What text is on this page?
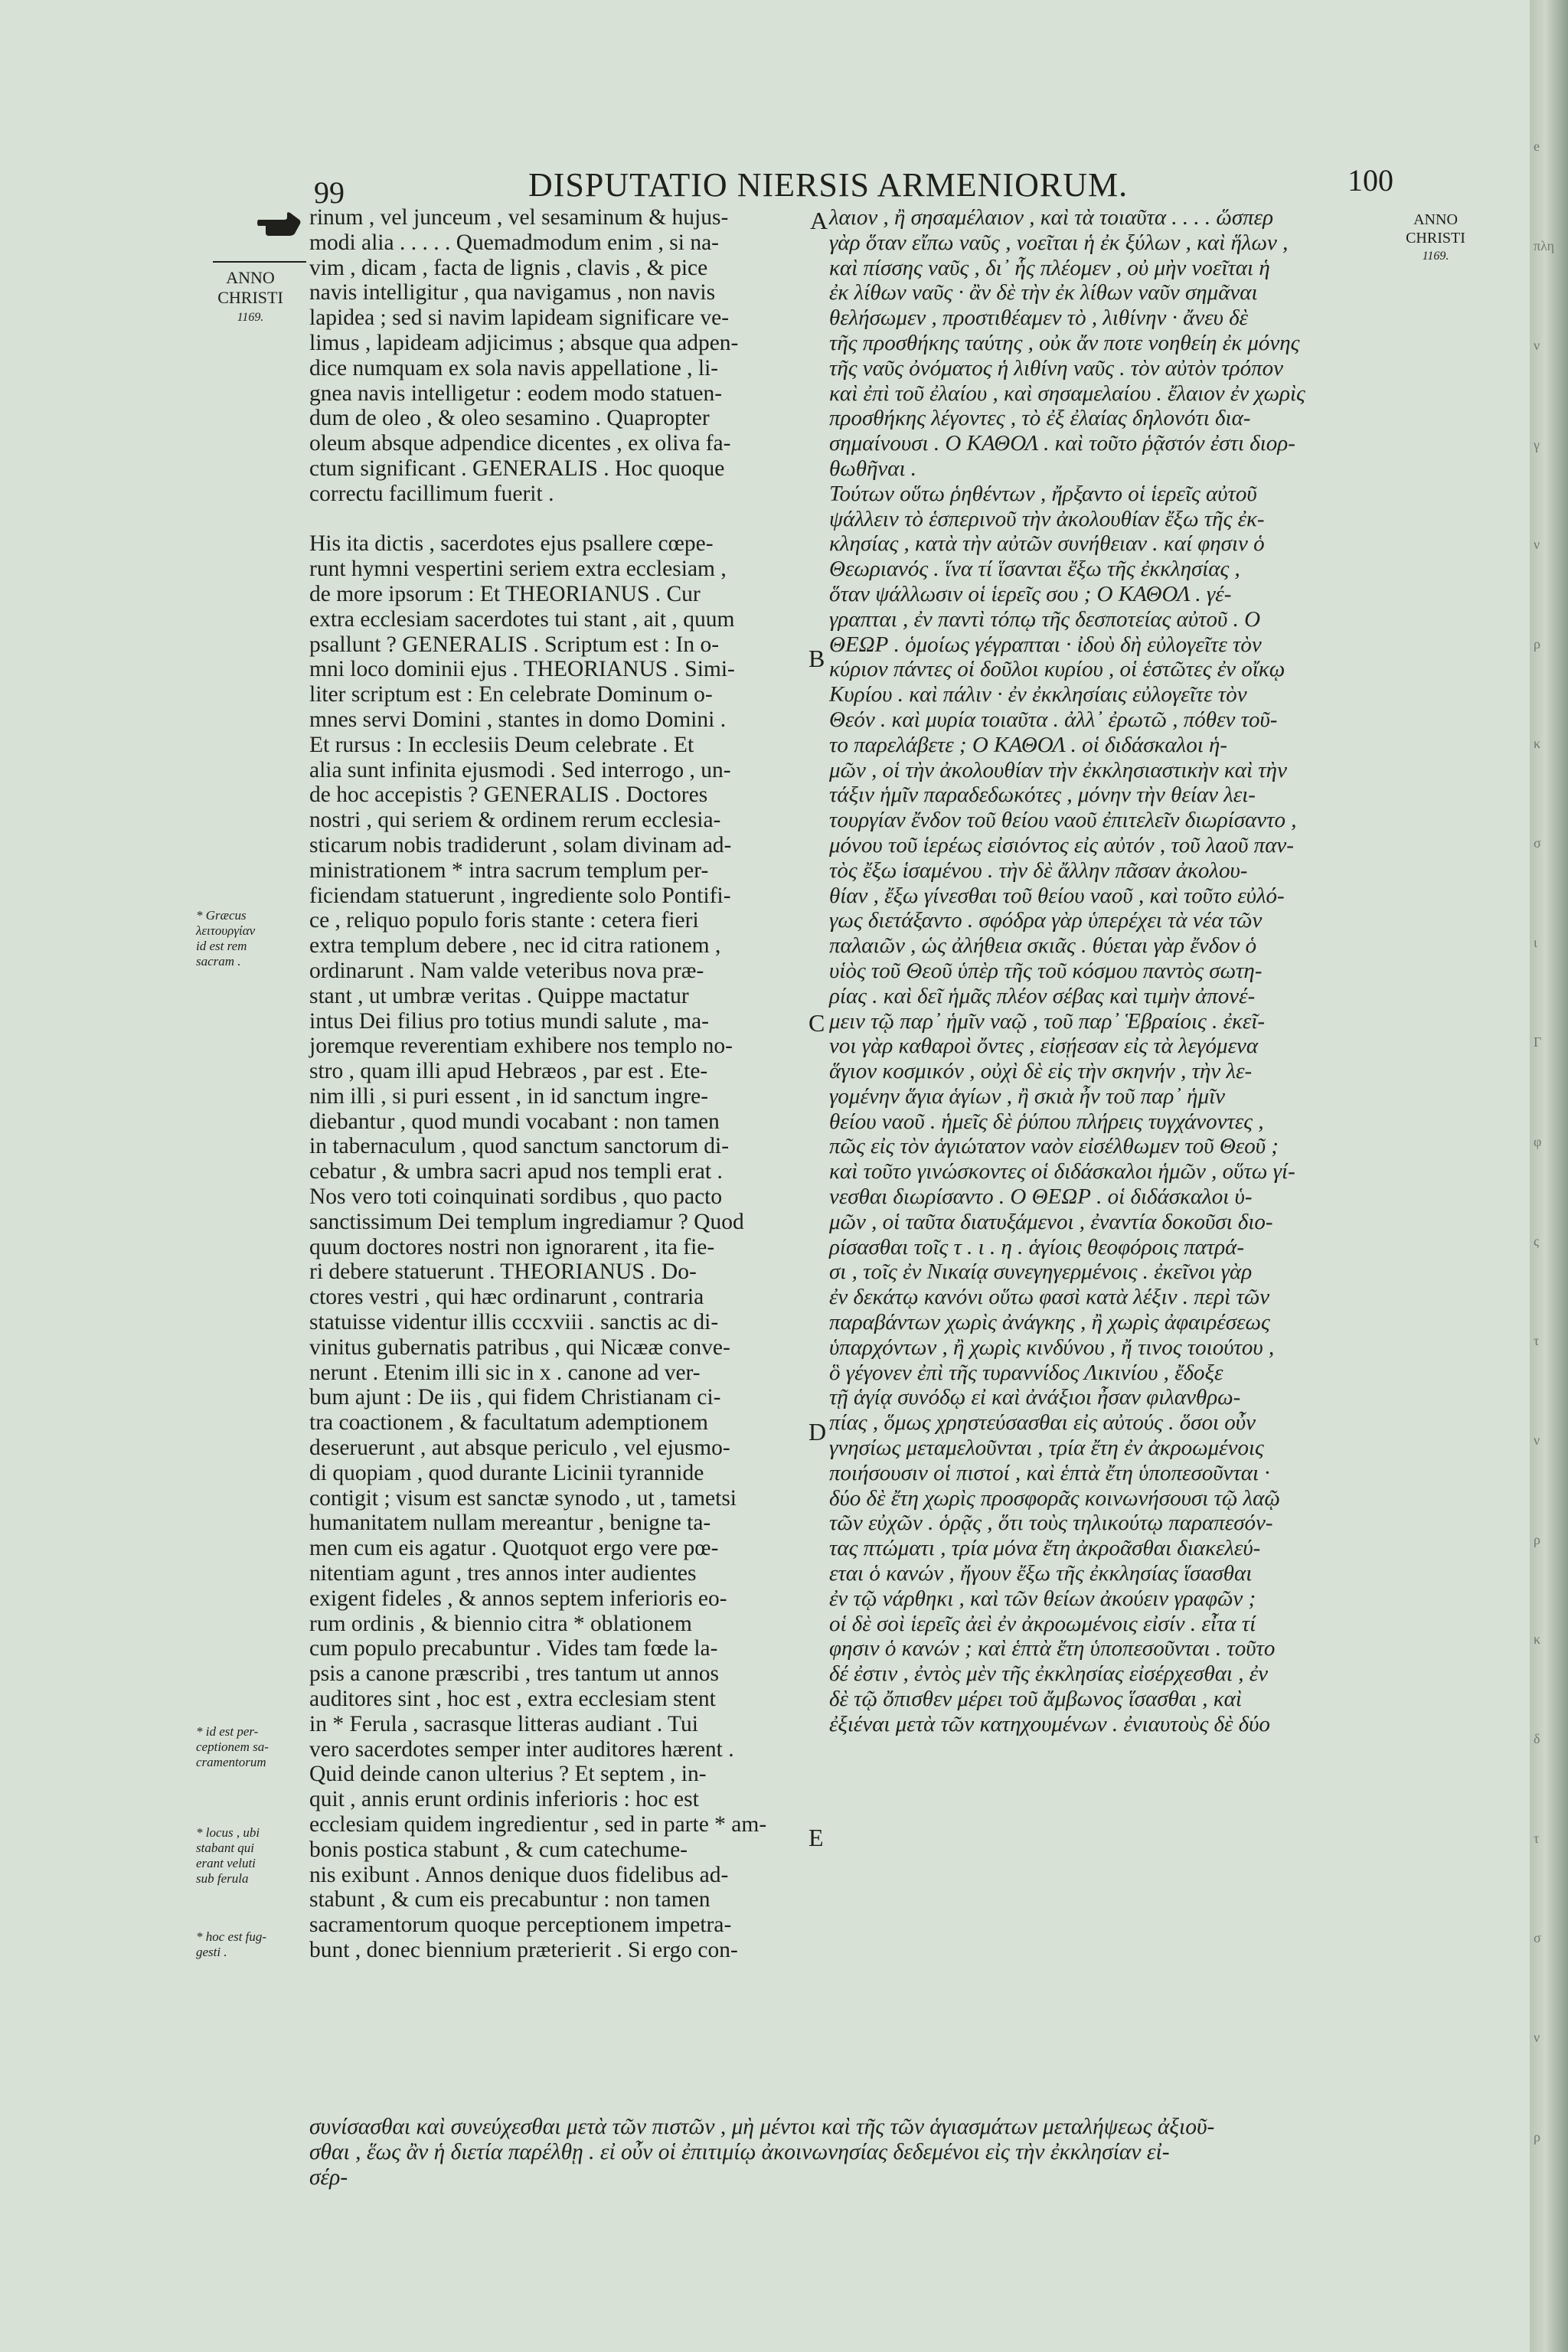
e
πλη
ν
γ
ν
ρ
κ
σ
ι
Γ
φ
ς
τ
ν
ρ
κ
δ
τ
σ
ν
ρ
99	DISPUTATIO NIERSIS ARMENIORUM.	100
ANNO
CHRISTI
1169.
ANNO
CHRISTI
1169.
rinum , vel junceum , vel sesaminum & hujus-
modi alia . . . . . Quemadmodum enim , si na-
vim , dicam , facta de lignis , clavis , & pice
navis intelligitur , qua navigamus , non navis
lapidea ; sed si navim lapideam significare ve-
limus , lapideam adjicimus ; absque qua adpen-
dice numquam ex sola navis appellatione , li-
gnea navis intelligetur : eodem modo statuen-
dum de oleo , & oleo sesamino . Quapropter
oleum absque adpendice dicentes , ex oliva fa-
ctum significant . GENERALIS . Hoc quoque
correctu facillimum fuerit .
His ita dictis , sacerdotes ejus psallere cœpe-
runt hymni vespertini seriem extra ecclesiam ,
de more ipsorum : Et THEORIANUS . Cur
extra ecclesiam sacerdotes tui stant , ait , quum
psallunt ? GENERALIS . Scriptum est : In o-
mni loco dominii ejus . THEORIANUS . Simi-
liter scriptum est : En celebrate Dominum o-
mnes servi Domini , stantes in domo Domini .
Et rursus : In ecclesiis Deum celebrate . Et
alia sunt infinita ejusmodi . Sed interrogo , un-
de hoc accepistis ? GENERALIS . Doctores
nostri , qui seriem & ordinem rerum ecclesia-
sticarum nobis tradiderunt , solam divinam ad-
ministrationem * intra sacrum templum per-
ficiendam statuerunt , ingrediente solo Pontifi-
ce , reliquo populo foris stante : cetera fieri
extra templum debere , nec id citra rationem ,
ordinarunt . Nam valde veteribus nova præ-
stant , ut umbræ veritas . Quippe mactatur
intus Dei filius pro totius mundi salute , ma-
joremque reverentiam exhibere nos templo no-
stro , quam illi apud Hebræos , par est . Ete-
nim illi , si puri essent , in id sanctum ingre-
diebantur , quod mundi vocabant : non tamen
in tabernaculum , quod sanctum sanctorum di-
cebatur , & umbra sacri apud nos templi erat .
Nos vero toti coinquinati sordibus , quo pacto
sanctissimum Dei templum ingrediamur ? Quod
quum doctores nostri non ignorarent , ita fie-
ri debere statuerunt . THEORIANUS . Do-
ctores vestri , qui hæc ordinarunt , contraria
statuisse videntur illis cccxviii . sanctis ac di-
vinitus gubernatis patribus , qui Nicææ conve-
nerunt . Etenim illi sic in x . canone ad ver-
bum ajunt : De iis , qui fidem Christianam ci-
tra coactionem , & facultatum ademptionem
deseruerunt , aut absque periculo , vel ejusmo-
di quopiam , quod durante Licinii tyrannide
contigit ; visum est sanctæ synodo , ut , tametsi
humanitatem nullam mereantur , benigne ta-
men cum eis agatur . Quotquot ergo vere pœ-
nitentiam agunt , tres annos inter audientes
exigent fideles , & annos septem inferioris eo-
rum ordinis , & biennio citra * oblationem
cum populo precabuntur . Vides tam fœde la-
psis a canone præscribi , tres tantum ut annos
auditores sint , hoc est , extra ecclesiam stent
in * Ferula , sacrasque litteras audiant . Tui
vero sacerdotes semper inter auditores hærent .
Quid deinde canon ulterius ? Et septem , in-
quit , annis erunt ordinis inferioris : hoc est
ecclesiam quidem ingredientur , sed in parte * am-
bonis postica stabunt , & cum catechume-
nis exibunt . Annos denique duos fidelibus ad-
stabunt , & cum eis precabuntur : non tamen
sacramentorum quoque perceptionem impetra-
bunt , donec biennium præterierit . Si ergo con-
λαιον , ἢ σησαμέλαιον , καὶ τὰ τοιαῦτα . . . . ὥσπερ
γὰρ ὅταν εἴπω ναῦς , νοεῖται ἡ ἐκ ξύλων , καὶ ἥλων ,
καὶ πίσσης ναῦς , δι᾽ ἧς πλέομεν , οὐ μὴν νοεῖται ἡ
ἐκ λίθων ναῦς · ἂν δὲ τὴν ἐκ λίθων ναῦν σημᾶναι
θελήσωμεν , προστιθέαμεν τὸ , λιθίνην · ἄνευ δὲ
τῆς προσθήκης ταύτης , οὐκ ἄν ποτε νοηθείη ἐκ μόνης
τῆς ναῦς ὀνόματος ἡ λιθίνη ναῦς . τὸν αὐτὸν τρόπον
καὶ ἐπὶ τοῦ ἐλαίου , καὶ σησαμελαίου . ἔλαιον ἐν χωρὶς
προσθήκης λέγοντες , τὸ ἐξ ἐλαίας δηλονότι δια-
σημαίνουσι . Ο ΚΑΘΟΛ . καὶ τοῦτο ῥᾷστόν ἐστι διορ-
θωθῆναι .
Τούτων οὕτω ῥηθέντων , ἤρξαντο οἱ ἱερεῖς αὐτοῦ
ψάλλειν τὸ ἑσπερινοῦ τὴν ἀκολουθίαν ἔξω τῆς ἐκ-
κλησίας , κατὰ τὴν αὐτῶν συνήθειαν . καί φησιν ὁ
Θεωριανός . ἵνα τί ἵσανται ἔξω τῆς ἐκκλησίας ,
ὅταν ψάλλωσιν οἱ ἱερεῖς σου ; Ο ΚΑΘΟΛ . γέ-
γραπται , ἐν παντὶ τόπῳ τῆς δεσποτείας αὐτοῦ . Ο
ΘΕΩΡ . ὁμοίως γέγραπται · ἰδοὺ δὴ εὐλογεῖτε τὸν
κύριον πάντες οἱ δοῦλοι κυρίου , οἱ ἑστῶτες ἐν οἴκῳ
Κυρίου . καὶ πάλιν · ἐν ἐκκλησίαις εὐλογεῖτε τὸν
Θεόν . καὶ μυρία τοιαῦτα . ἀλλ᾽ ἐρωτῶ , πόθεν τοῦ-
το παρελάβετε ; Ο ΚΑΘΟΛ . οἱ διδάσκαλοι ἡ-
μῶν , οἱ τὴν ἀκολουθίαν τὴν ἐκκλησιαστικὴν καὶ τὴν
τάξιν ἡμῖν παραδεδωκότες , μόνην τὴν θείαν λει-
τουργίαν ἔνδον τοῦ θείου ναοῦ ἐπιτελεῖν διωρίσαντο ,
μόνου τοῦ ἱερέως εἰσιόντος εἰς αὐτόν , τοῦ λαοῦ παν-
τὸς ἔξω ἱσαμένου . τὴν δὲ ἄλλην πᾶσαν ἀκολου-
θίαν , ἔξω γίνεσθαι τοῦ θείου ναοῦ , καὶ τοῦτο εὐλό-
γως διετάξαντο . σφόδρα γὰρ ὑπερέχει τὰ νέα τῶν
παλαιῶν , ὡς ἀλήθεια σκιᾶς . θύεται γὰρ ἔνδον ὁ
υἱὸς τοῦ Θεοῦ ὑπὲρ τῆς τοῦ κόσμου παντὸς σωτη-
ρίας . καὶ δεῖ ἡμᾶς πλέον σέβας καὶ τιμὴν ἀπονέ-
μειν τῷ παρ᾽ ἡμῖν ναῷ , τοῦ παρ᾽ Ἑβραίοις . ἐκεῖ-
νοι γὰρ καθαροὶ ὄντες , εἰσῄεσαν εἰς τὰ λεγόμενα
ἅγιον κοσμικόν , οὐχὶ δὲ εἰς τὴν σκηνήν , τὴν λε-
γομένην ἅγια ἁγίων , ἢ σκιὰ ἦν τοῦ παρ᾽ ἡμῖν
θείου ναοῦ . ἡμεῖς δὲ ῥύπου πλήρεις τυγχάνοντες ,
πῶς εἰς τὸν ἁγιώτατον ναὸν εἰσέλθωμεν τοῦ Θεοῦ ;
καὶ τοῦτο γινώσκοντες οἱ διδάσκαλοι ἡμῶν , οὕτω γί-
νεσθαι διωρίσαντο . Ο ΘΕΩΡ . οἱ διδάσκαλοι ὑ-
μῶν , οἱ ταῦτα διατυξάμενοι , ἐναντία δοκοῦσι διο-
ρίσασθαι τοῖς τ . ι . η . ἁγίοις θεοφόροις πατρά-
σι , τοῖς ἐν Νικαίᾳ συνεγηγερμένοις . ἐκεῖνοι γὰρ
ἐν δεκάτῳ κανόνι οὕτω φασὶ κατὰ λέξιν . περὶ τῶν
παραβάντων χωρὶς ἀνάγκης , ἢ χωρὶς ἀφαιρέσεως
ὑπαρχόντων , ἢ χωρὶς κινδύνου , ἤ τινος τοιούτου ,
ὃ γέγονεν ἐπὶ τῆς τυραννίδος Λικινίου , ἔδοξε
τῇ ἁγίᾳ συνόδῳ εἰ καὶ ἀνάξιοι ἦσαν φιλανθρω-
πίας , ὅμως χρηστεύσασθαι εἰς αὐτούς . ὅσοι οὖν
γνησίως μεταμελοῦνται , τρία ἔτη ἐν ἀκροωμένοις
ποιήσουσιν οἱ πιστοί , καὶ ἑπτὰ ἔτη ὑποπεσοῦνται ·
δύο δὲ ἔτη χωρὶς προσφορᾶς κοινωνήσουσι τῷ λαῷ
τῶν εὐχῶν . ὁρᾷς , ὅτι τοὺς τηλικούτῳ παραπεσόν-
τας πτώματι , τρία μόνα ἔτη ἀκροᾶσθαι διακελεύ-
εται ὁ κανών , ἤγουν ἔξω τῆς ἐκκλησίας ἵσασθαι
ἐν τῷ νάρθηκι , καὶ τῶν θείων ἀκούειν γραφῶν ;
οἱ δὲ σοὶ ἱερεῖς ἀεὶ ἐν ἀκροωμένοις εἰσίν . εἶτα τί
φησιν ὁ κανών ; καὶ ἑπτὰ ἔτη ὑποπεσοῦνται . τοῦτο
δέ ἐστιν , ἐντὸς μὲν τῆς ἐκκλησίας εἰσέρχεσθαι , ἐν
δὲ τῷ ὄπισθεν μέρει τοῦ ἄμβωνος ἵσασθαι , καὶ
ἐξιέναι μετὰ τῶν κατηχουμένων . ἐνιαυτοὺς δὲ δύο
* Græcus
λειτουργίαν
id est rem
sacram .
* id est per-
ceptionem sa-
cramentorum
* locus , ubi
stabant qui
erant veluti
sub ferula
* hoc est fug-
gesti .
A
B
C
D
E
συνίσασθαι καὶ συνεύχεσθαι μετὰ τῶν πιστῶν , μὴ μέντοι καὶ τῆς τῶν ἁγιασμάτων μεταλήψεως ἀξιοῦ-
σθαι , ἕως ἂν ἡ διετία παρέλθῃ . εἰ οὖν οἱ ἐπιτιμίῳ ἀκοινωνησίας δεδεμένοι εἰς τὴν ἐκκλησίαν εἰ-
σέρ-
